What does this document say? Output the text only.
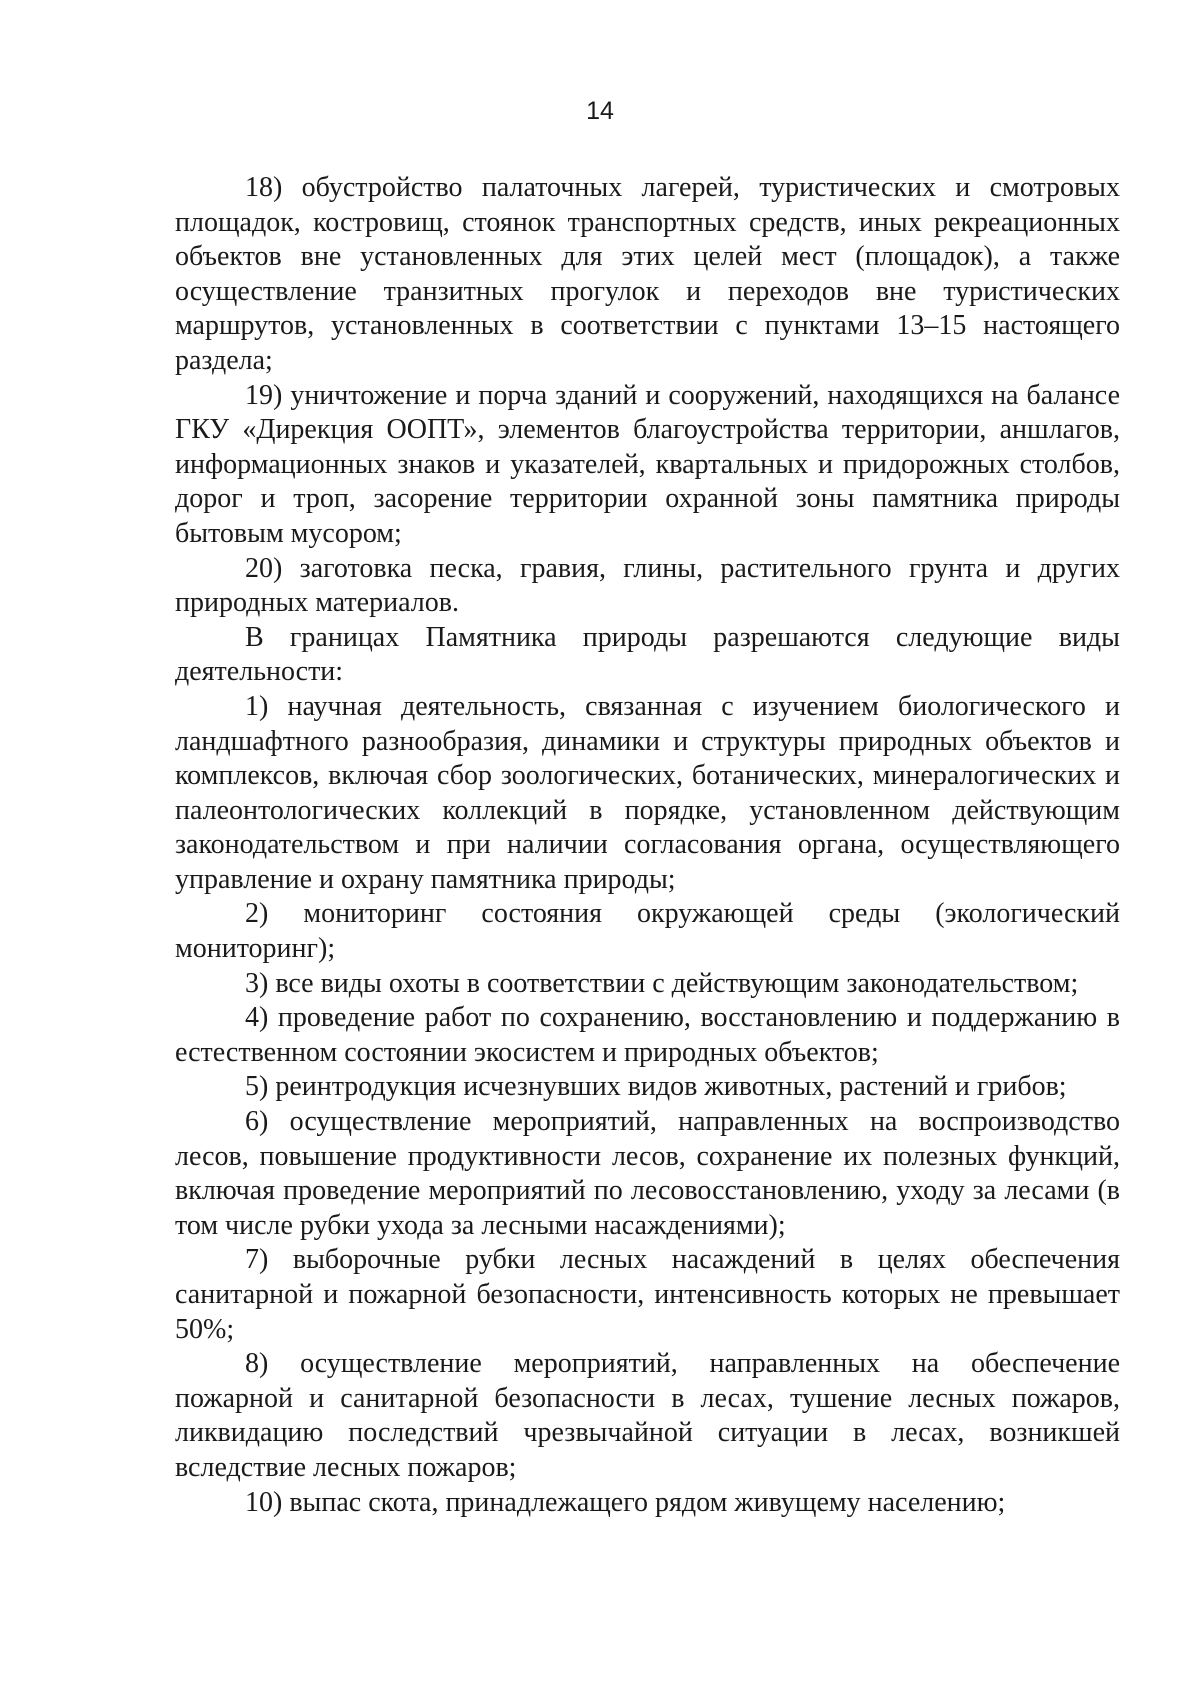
14

18) обустройство палаточных лагерей, туристических и смотровых площадок, кострoвищ, стоянок транспортных средств, иных рекреационных объектов вне установленных для этих целей мест (площадок), а также осуществление транзитных прогулок и переходов вне туристических маршрутов, установленных в соответствии с пунктами 13–15 настоящего раздела;

19) уничтожение и порча зданий и сооружений, находящихся на балансе ГКУ «Дирекция ООПТ», элементов благоустройства территории, аншлагов, информационных знаков и указателей, квартальных и придорожных столбов, дорог и троп, засорение территории охранной зоны памятника природы бытовым мусором;

20) заготовка песка, гравия, глины, растительного грунта и других природных материалов.

В границах Памятника природы разрешаются следующие виды деятельности:

1) научная деятельность, связанная с изучением биологического и ландшафтного разнообразия, динамики и структуры природных объектов и комплексов, включая сбор зоологических, ботанических, минералогических и палеонтологических коллекций в порядке, установленном действующим законодательством и при наличии согласования органа, осуществляющего управление и охрану памятника природы;

2) мониторинг состояния окружающей среды (экологический мониторинг);

3) все виды охоты в соответствии с действующим законодательством;

4) проведение работ по сохранению, восстановлению и поддержанию в естественном состоянии экосистем и природных объектов;

5) реинтродукция исчезнувших видов животных, растений и грибов;

6) осуществление мероприятий, направленных на воспроизводство лесов, повышение продуктивности лесов, сохранение их полезных функций, включая проведение мероприятий по лесовосстановлению, уходу за лесами (в том числе рубки ухода за лесными насаждениями);

7) выборочные рубки лесных насаждений в целях обеспечения санитарной и пожарной безопасности, интенсивность которых не превышает 50%;

8) осуществление мероприятий, направленных на обеспечение пожарной и санитарной безопасности в лесах, тушение лесных пожаров, ликвидацию последствий чрезвычайной ситуации в лесах, возникшей вследствие лесных пожаров;

10) выпас скота, принадлежащего рядом живущему населению;
